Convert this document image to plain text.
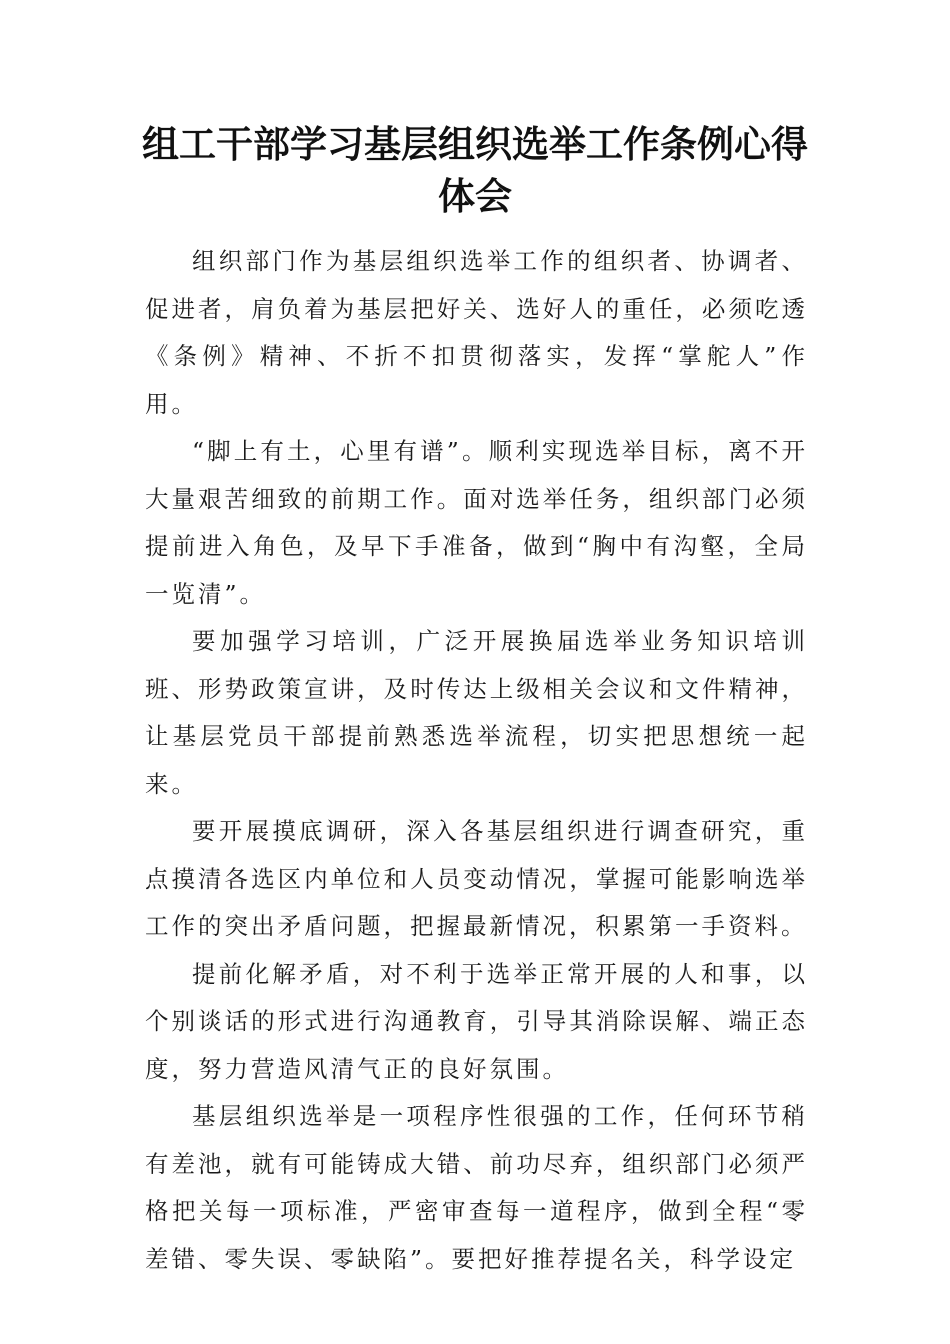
组工干部学习基层组织选举工作条例心得
体会

组织部门作为基层组织选举工作的组织者、协调者、促进者，肩负着为基层把好关、选好人的重任，必须吃透《条例》精神、不折不扣贯彻落实，发挥“掌舵人”作用。

“脚上有土，心里有谱”。顺利实现选举目标，离不开大量艰苦细致的前期工作。面对选举任务，组织部门必须提前进入角色，及早下手准备，做到“胸中有沟壑，全局一览清”。

要加强学习培训，广泛开展换届选举业务知识培训班、形势政策宣讲，及时传达上级相关会议和文件精神，让基层党员干部提前熟悉选举流程，切实把思想统一起来。

要开展摸底调研，深入各基层组织进行调查研究，重点摸清各选区内单位和人员变动情况，掌握可能影响选举工作的突出矛盾问题，把握最新情况，积累第一手资料。

提前化解矛盾，对不利于选举正常开展的人和事，以个别谈话的形式进行沟通教育，引导其消除误解、端正态度，努力营造风清气正的良好氛围。

基层组织选举是一项程序性很强的工作，任何环节稍有差池，就有可能铸成大错、前功尽弃，组织部门必须严格把关每一项标准，严密审查每一道程序，做到全程“零差错、零失误、零缺陷”。要把好推荐提名关，科学设定
